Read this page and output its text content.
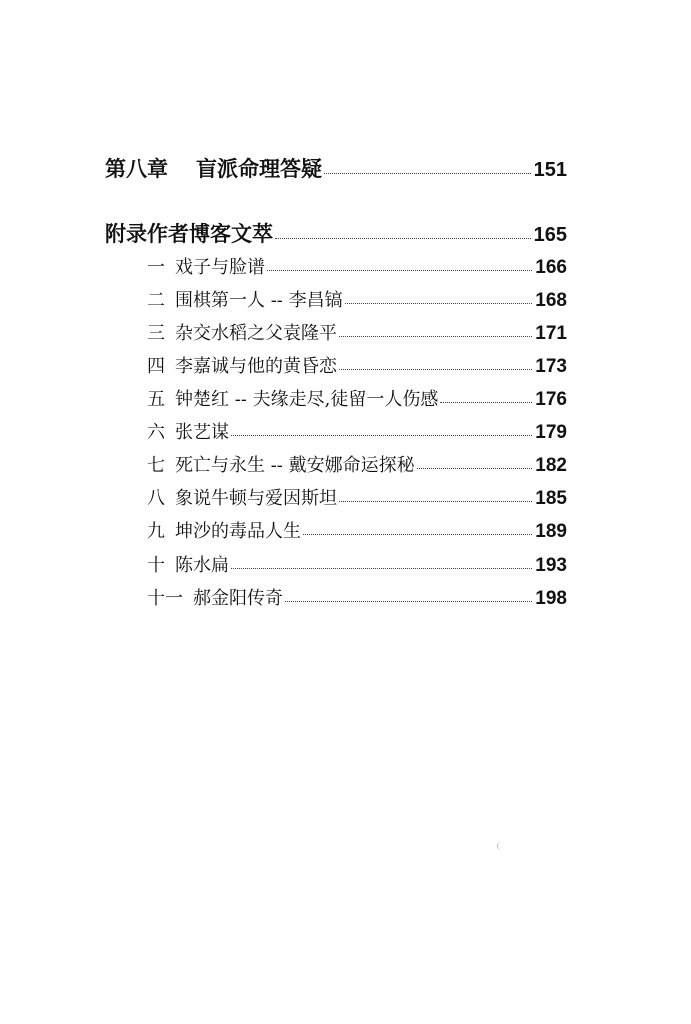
第八章 盲派命理答疑	151
附录作者博客文萃	165
一 戏子与脸谱	166
二 围棋第一人 -- 李昌镐	168
三 杂交水稻之父袁隆平	171
四 李嘉诚与他的黄昏恋	173
五 钟楚红 -- 夫缘走尽,徒留一人伤感	176
六 张艺谋	179
七 死亡与永生 -- 戴安娜命运探秘	182
八 象说牛顿与爱因斯坦	185
九 坤沙的毒品人生	189
十 陈水扁	193
十一 郝金阳传奇	198
